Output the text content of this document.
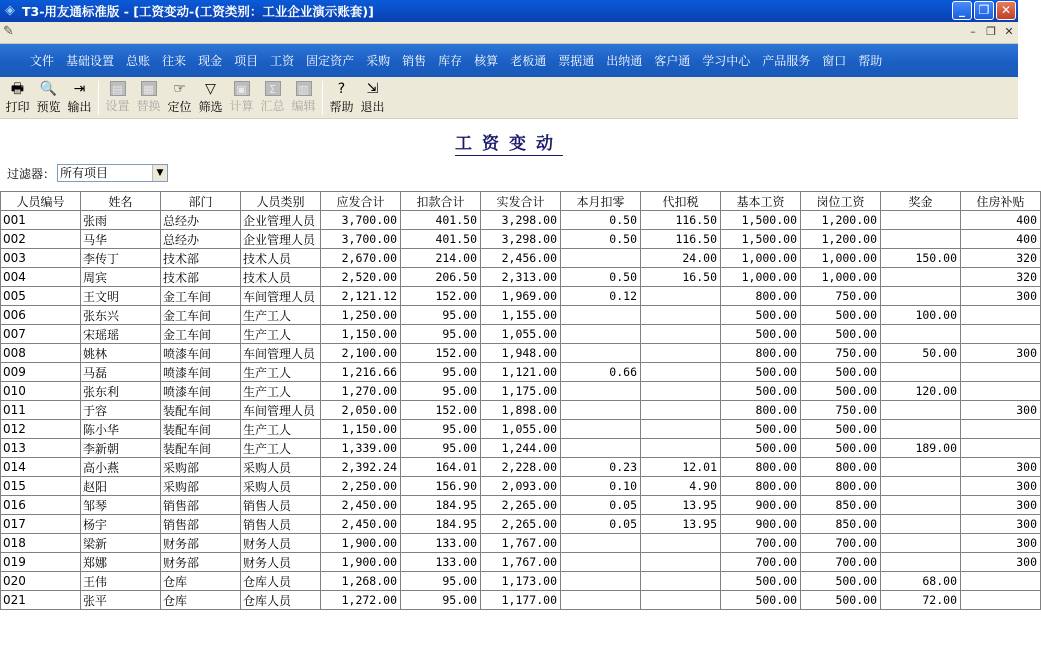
◈ T3-用友通标准版 - [工资变动-(工资类别：工业企业演示账套)]	_	❐ ✕
✎	– ❐ ✕
文件 基础设置 总账 往来 现金 项目 工资 固定资产 采购 销售 库存 核算 老板通 票据通 出纳通 客户通 学习中心 产品服务 窗口 帮助
🖶
打印
🔍
预览
⇥
输出
▤
设置
▦
替换
☞
定位
▽
筛选
▣
计算
Σ
汇总
▥
编辑
?
帮助
⇲
退出
工资变动
过滤器： 所有项目	▼
人员编号	姓名	部门	人员类别	应发合计	扣款合计	实发合计	本月扣零	代扣税	基本工资	岗位工资	奖金	住房补贴
001	张雨	总经办	企业管理人员	3,700.00	401.50	3,298.00	0.50	116.50	1,500.00	1,200.00		400
002	马华	总经办	企业管理人员	3,700.00	401.50	3,298.00	0.50	116.50	1,500.00	1,200.00		400
003	李传丁	技术部	技术人员	2,670.00	214.00	2,456.00		24.00	1,000.00	1,000.00	150.00	320
004	周宾	技术部	技术人员	2,520.00	206.50	2,313.00	0.50	16.50	1,000.00	1,000.00		320
005	王文明	金工车间	车间管理人员	2,121.12	152.00	1,969.00	0.12		800.00	750.00		300
006	张东兴	金工车间	生产工人	1,250.00	95.00	1,155.00			500.00	500.00	100.00	
007	宋瑶瑶	金工车间	生产工人	1,150.00	95.00	1,055.00			500.00	500.00		
008	姚林	喷漆车间	车间管理人员	2,100.00	152.00	1,948.00			800.00	750.00	50.00	300
009	马磊	喷漆车间	生产工人	1,216.66	95.00	1,121.00	0.66		500.00	500.00		
010	张东利	喷漆车间	生产工人	1,270.00	95.00	1,175.00			500.00	500.00	120.00	
011	于容	装配车间	车间管理人员	2,050.00	152.00	1,898.00			800.00	750.00		300
012	陈小华	装配车间	生产工人	1,150.00	95.00	1,055.00			500.00	500.00		
013	李新朝	装配车间	生产工人	1,339.00	95.00	1,244.00			500.00	500.00	189.00	
014	高小燕	采购部	采购人员	2,392.24	164.01	2,228.00	0.23	12.01	800.00	800.00		300
015	赵阳	采购部	采购人员	2,250.00	156.90	2,093.00	0.10	4.90	800.00	800.00		300
016	邹琴	销售部	销售人员	2,450.00	184.95	2,265.00	0.05	13.95	900.00	850.00		300
017	杨宇	销售部	销售人员	2,450.00	184.95	2,265.00	0.05	13.95	900.00	850.00		300
018	梁新	财务部	财务人员	1,900.00	133.00	1,767.00			700.00	700.00		300
019	郑娜	财务部	财务人员	1,900.00	133.00	1,767.00			700.00	700.00		300
020	王伟	仓库	仓库人员	1,268.00	95.00	1,173.00			500.00	500.00	68.00	
021	张平	仓库	仓库人员	1,272.00	95.00	1,177.00			500.00	500.00	72.00	
